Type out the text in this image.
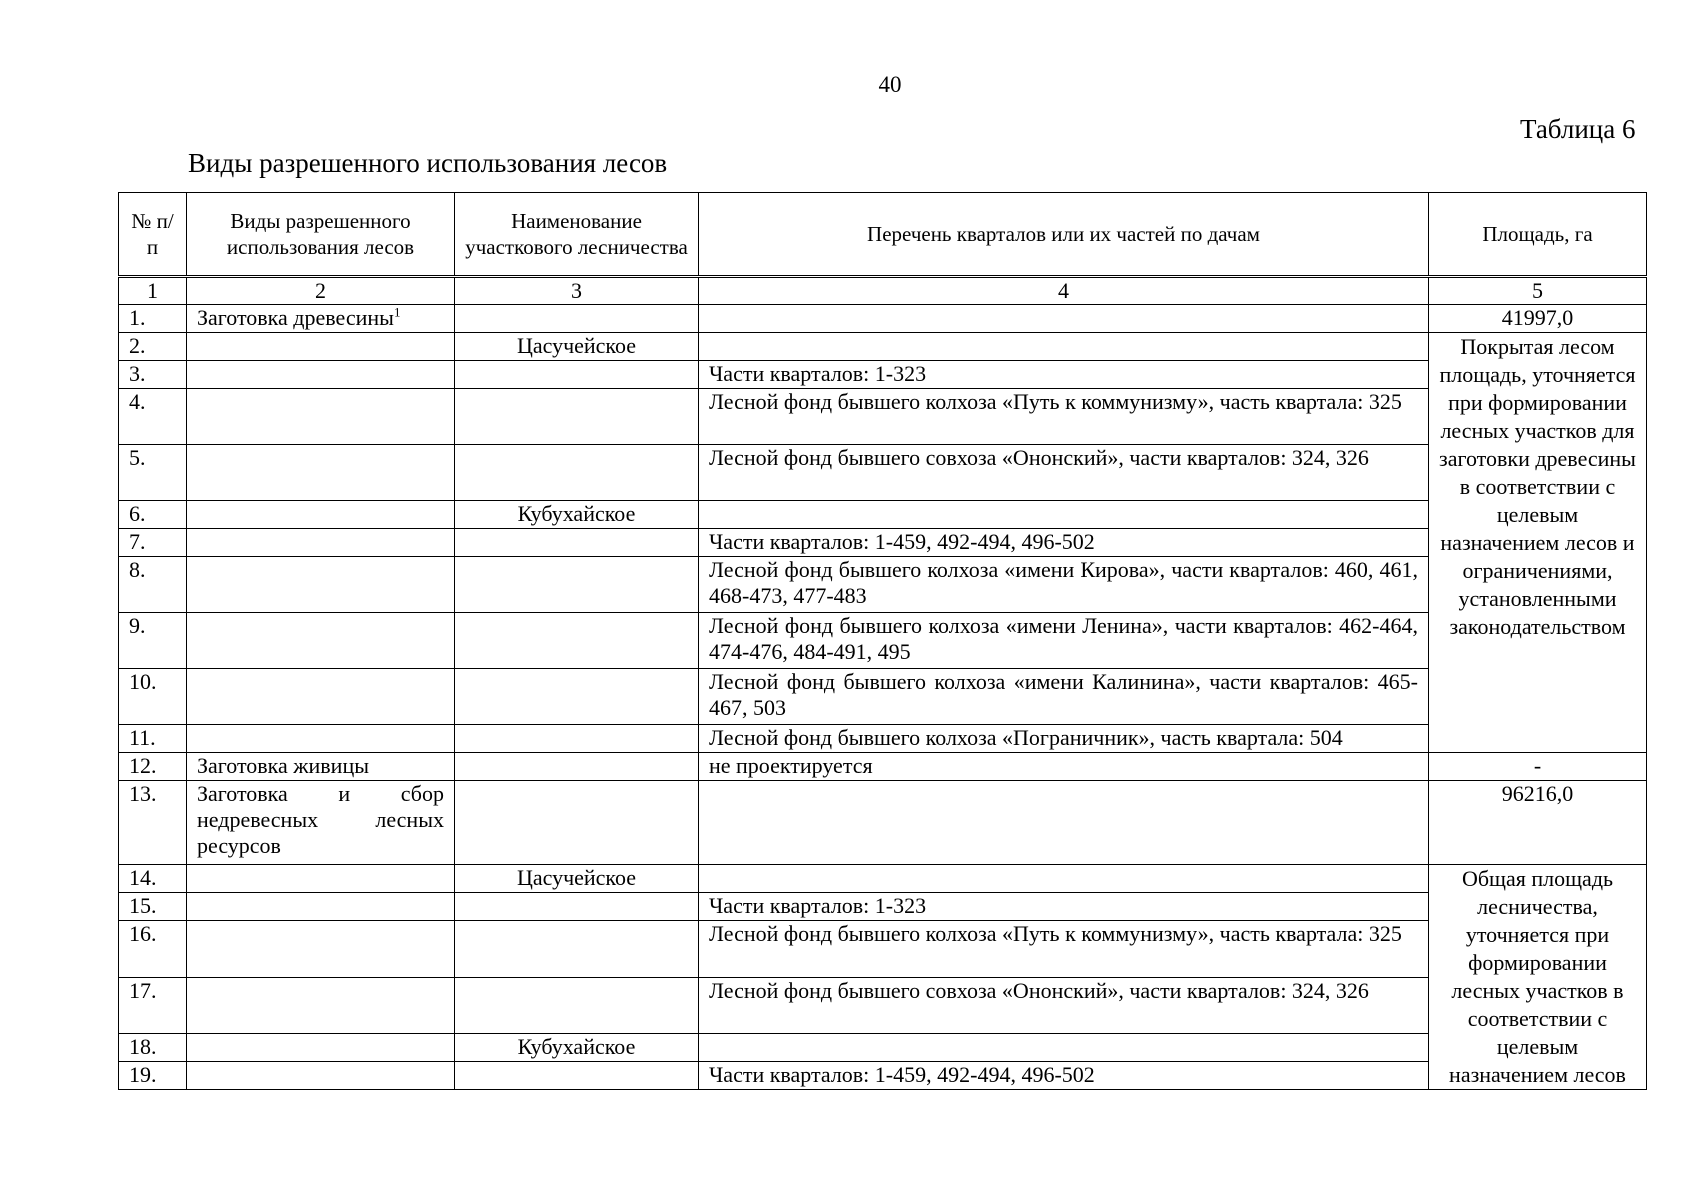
40
Таблица 6
Виды разрешенного использования лесов
№ п/п	Виды разрешенного использования лесов	Наименование участкового лесничества	Перечень кварталов или их частей по дачам	Площадь, га
1	2	3	4	5
1.	Заготовка древесины$^1$			41997,0
2.		Цасучейское		Покрытая лесом площадь, уточняется при формировании лесных участков для заготовки древесины в соответствии с целевым назначением лесов и ограничениями, установленными законодательством
3.			Части кварталов: 1-323	
4.			Лесной фонд бывшего колхоза «Путь к коммунизму», часть квартала: 325	
5.			Лесной фонд бывшего совхоза «Ононский», части кварталов: 324, 326	
6.		Кубухайское		
7.			Части кварталов: 1-459, 492-494, 496-502	
8.			Лесной фонд бывшего колхоза «имени Кирова», части кварталов: 460, 461, 468-473, 477-483	
9.			Лесной фонд бывшего колхоза «имени Ленина», части кварталов: 462-464, 474-476, 484-491, 495	
10.			Лесной фонд бывшего колхоза «имени Калинина», части кварталов: 465-467, 503	
11.			Лесной фонд бывшего колхоза «Пограничник», часть квартала: 504	
12.	Заготовка живицы		не проектируется	-
13.	Заготовка и сбор недревесных лесных ресурсов			96216,0
14.		Цасучейское		Общая площадь лесничества, уточняется при формировании лесных участков в соответствии с целевым назначением лесов
15.			Части кварталов: 1-323	
16.			Лесной фонд бывшего колхоза «Путь к коммунизму», часть квартала: 325	
17.			Лесной фонд бывшего совхоза «Ононский», части кварталов: 324, 326	
18.		Кубухайское		
19.			Части кварталов: 1-459, 492-494, 496-502	
